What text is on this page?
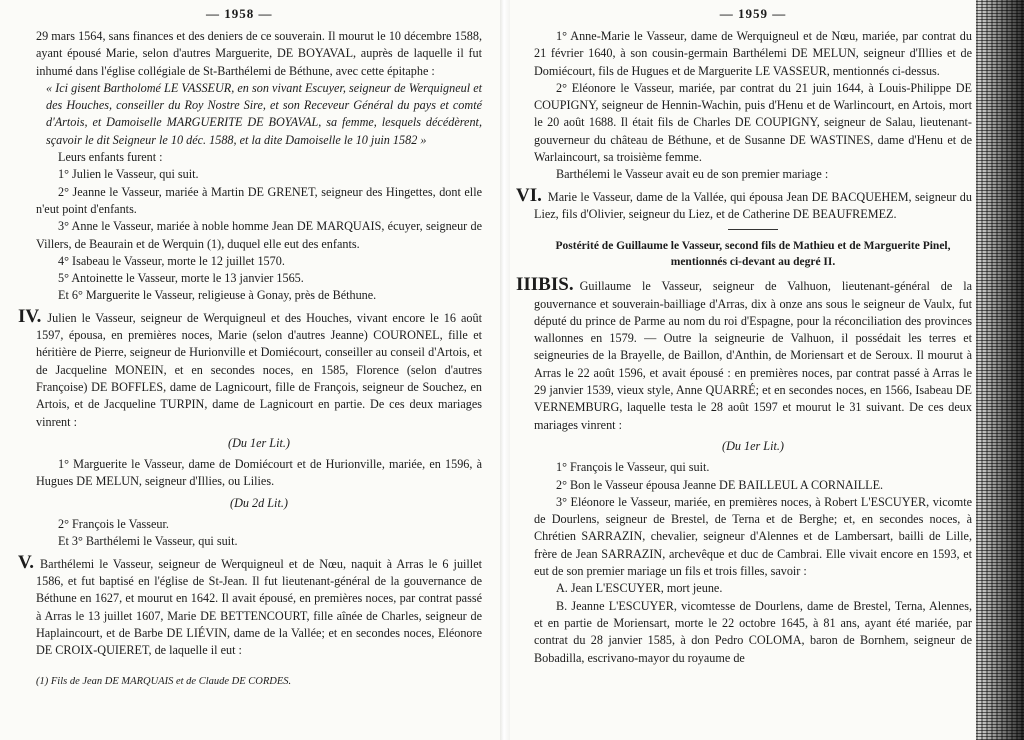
— 1958 —

29 mars 1564, sans finances et des deniers de ce souverain. Il mourut le 10 décembre 1588, ayant épousé Marie, selon d'autres Marguerite, DE BOYAVAL, auprès de laquelle il fut inhumé dans l'église collégiale de St-Barthélemi de Béthune, avec cette épitaphe :

« Ici gisent Bartholomé LE VASSEUR, en son vivant Escuyer, seigneur de Werquigneul et des Houches, conseiller du Roy Nostre Sire, et son Receveur Général du pays et comté d'Artois, et Damoiselle MARGUERITE DE BOYAVAL, sa femme, lesquels décédèrent, sçavoir le dit Seigneur le 10 déc. 1588, et la dite Damoiselle le 10 juin 1582 »

Leurs enfants furent :

1° Julien le Vasseur, qui suit.

2° Jeanne le Vasseur, mariée à Martin DE GRENET, seigneur des Hingettes, dont elle n'eut point d'enfants.

3° Anne le Vasseur, mariée à noble homme Jean DE MARQUAIS, écuyer, seigneur de Villers, de Beaurain et de Werquin (1), duquel elle eut des enfants.

4° Isabeau le Vasseur, morte le 12 juillet 1570.

5° Antoinette le Vasseur, morte le 13 janvier 1565.

Et 6° Marguerite le Vasseur, religieuse à Gonay, près de Béthune.

IV. Julien le Vasseur, seigneur de Werquigneul et des Houches, vivant encore le 16 août 1597, épousa, en premières noces, Marie (selon d'autres Jeanne) COURONEL, fille et héritière de Pierre, seigneur de Hurionville et Domiécourt, conseiller au conseil d'Artois, et de Jacqueline MONEIN, et en secondes noces, en 1585, Florence (selon d'autres Françoise) DE BOFFLES, dame de Lagnicourt, fille de François, seigneur de Souchez, en Artois, et de Jacqueline TURPIN, dame de Lagnicourt en partie. De ces deux mariages vinrent :

(Du 1er Lit.)

1° Marguerite le Vasseur, dame de Domiécourt et de Hurionville, mariée, en 1596, à Hugues DE MELUN, seigneur d'Illies, ou Lilies.

(Du 2d Lit.)

2° François le Vasseur.

Et 3° Barthélemi le Vasseur, qui suit.

V. Barthélemi le Vasseur, seigneur de Werquigneul et de Nœu, naquit à Arras le 6 juillet 1586, et fut baptisé en l'église de St-Jean. Il fut lieutenant-général de la gouvernance de Béthune en 1627, et mourut en 1642. Il avait épousé, en premières noces, par contrat passé à Arras le 13 juillet 1607, Marie DE BETTENCOURT, fille aînée de Charles, seigneur de Haplaincourt, et de Barbe DE LIÉVIN, dame de la Vallée; et en secondes noces, Eléonore DE CROIX-QUIERET, de laquelle il eut :

(1) Fils de Jean DE MARQUAIS et de Claude DE CORDES.

— 1959 —

1° Anne-Marie le Vasseur, dame de Werquigneul et de Nœu, mariée, par contrat du 21 février 1640, à son cousin-germain Barthélemi DE MELUN, seigneur d'Illies et de Domiécourt, fils de Hugues et de Marguerite LE VASSEUR, mentionnés ci-dessus.

2° Eléonore le Vasseur, mariée, par contrat du 21 juin 1644, à Louis-Philippe DE COUPIGNY, seigneur de Hennin-Wachin, puis d'Henu et de Warlincourt, en Artois, mort le 20 août 1688. Il était fils de Charles DE COUPIGNY, seigneur de Salau, lieutenant-gouverneur du château de Béthune, et de Susanne DE WASTINES, dame d'Henu et de Warlaincourt, sa troisième femme.

Barthélemi le Vasseur avait eu de son premier mariage :

VI. Marie le Vasseur, dame de la Vallée, qui épousa Jean DE BACQUEHEM, seigneur du Liez, fils d'Olivier, seigneur du Liez, et de Catherine DE BEAUFREMEZ.

Postérité de Guillaume le Vasseur, second fils de Mathieu et de Marguerite Pinel, mentionnés ci-devant au degré II.

IIIBIS. Guillaume le Vasseur, seigneur de Valhuon, lieutenant-général de la gouvernance et souverain-bailliage d'Arras, dix à onze ans sous le seigneur de Vaulx, fut député du prince de Parme au nom du roi d'Espagne, pour la réconciliation des provinces wallonnes en 1579. — Outre la seigneurie de Valhuon, il possédait les terres et seigneuries de la Brayelle, de Baillon, d'Anthin, de Moriensart et de Seroux. Il mourut à Arras le 22 août 1596, et avait épousé : en premières noces, par contrat passé à Arras le 29 janvier 1539, vieux style, Anne QUARRÉ; et en secondes noces, en 1566, Isabeau DE VERNEMBURG, laquelle testa le 28 août 1597 et mourut le 31 suivant. De ces deux mariages vinrent :

(Du 1er Lit.)

1° François le Vasseur, qui suit.

2° Bon le Vasseur épousa Jeanne DE BAILLEUL A CORNAILLE.

3° Eléonore le Vasseur, mariée, en premières noces, à Robert L'ESCUYER, vicomte de Dourlens, seigneur de Brestel, de Terna et de Berghe; et, en secondes noces, à Chrétien SARRAZIN, chevalier, seigneur d'Alennes et de Lambersart, bailli de Lille, frère de Jean SARRAZIN, archevêque et duc de Cambrai. Elle vivait encore en 1593, et eut de son premier mariage un fils et trois filles, savoir :

A. Jean L'ESCUYER, mort jeune.

B. Jeanne L'ESCUYER, vicomtesse de Dourlens, dame de Brestel, Terna, Alennes, et en partie de Moriensart, morte le 22 octobre 1645, à 81 ans, ayant été mariée, par contrat du 28 janvier 1585, à don Pedro COLOMA, baron de Bornhem, seigneur de Bobadilla, escrivano-mayor du royaume de
